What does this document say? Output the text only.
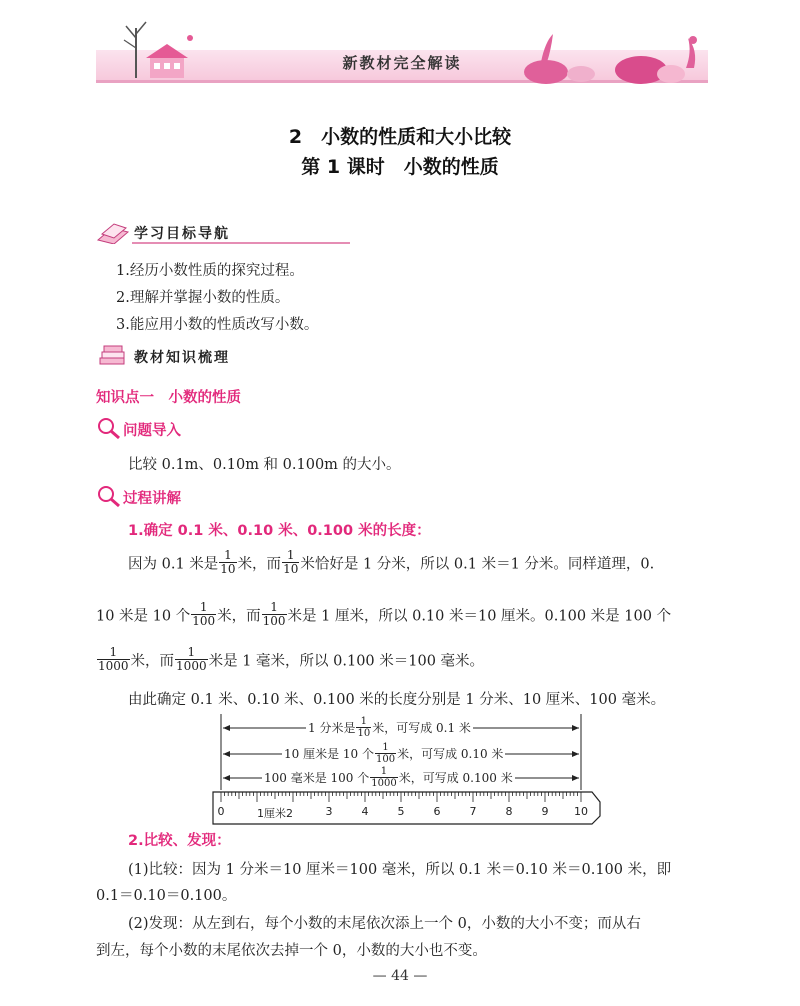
新教材完全解读
2　小数的性质和大小比较
第 1 课时　小数的性质
学习目标导航
1.经历小数性质的探究过程。
2.理解并掌握小数的性质。
3.能应用小数的性质改写小数。
教材知识梳理
知识点一　小数的性质
问题导入
比较 0.1m、0.10m 和 0.100m 的大小。
过程讲解
1.确定 0.1 米、0.10 米、0.100 米的长度：
因为 0.1 米是 $\frac{1}{10}$ 米，而 $\frac{1}{10}$ 米恰好是 1 分米，所以 0.1 米＝1 分米。同样道理，0.
10 米是 10 个 $\frac{1}{100}$ 米，而 $\frac{1}{100}$ 米是 1 厘米，所以 0.10 米＝10 厘米。0.100 米是 100 个
$\frac{1}{1000}$ 米，而 $\frac{1}{1000}$ 米是 1 毫米，所以 0.100 米＝100 毫米。
由此确定 0.1 米、0.10 米、0.100 米的长度分别是 1 分米、10 厘米、100 毫米。
1 分米是 $\frac{1}{10}$ 米，可写成 0.1 米
10 厘米是 10 个 $\frac{1}{100}$ 米，可写成 0.10 米
100 毫米是 100 个 $\frac{1}{1000}$ 米，可写成 0.100 米
0	1厘米2	3	4	5	6	7	8	9 10
2.比较、发现：
(1)比较：因为 1 分米＝10 厘米＝100 毫米，所以 0.1 米＝0.10 米＝0.100 米，即
0.1＝0.10＝0.100。
(2)发现：从左到右，每个小数的末尾依次添上一个 0，小数的大小不变；而从右
到左，每个小数的末尾依次去掉一个 0，小数的大小也不变。
— 44 —
